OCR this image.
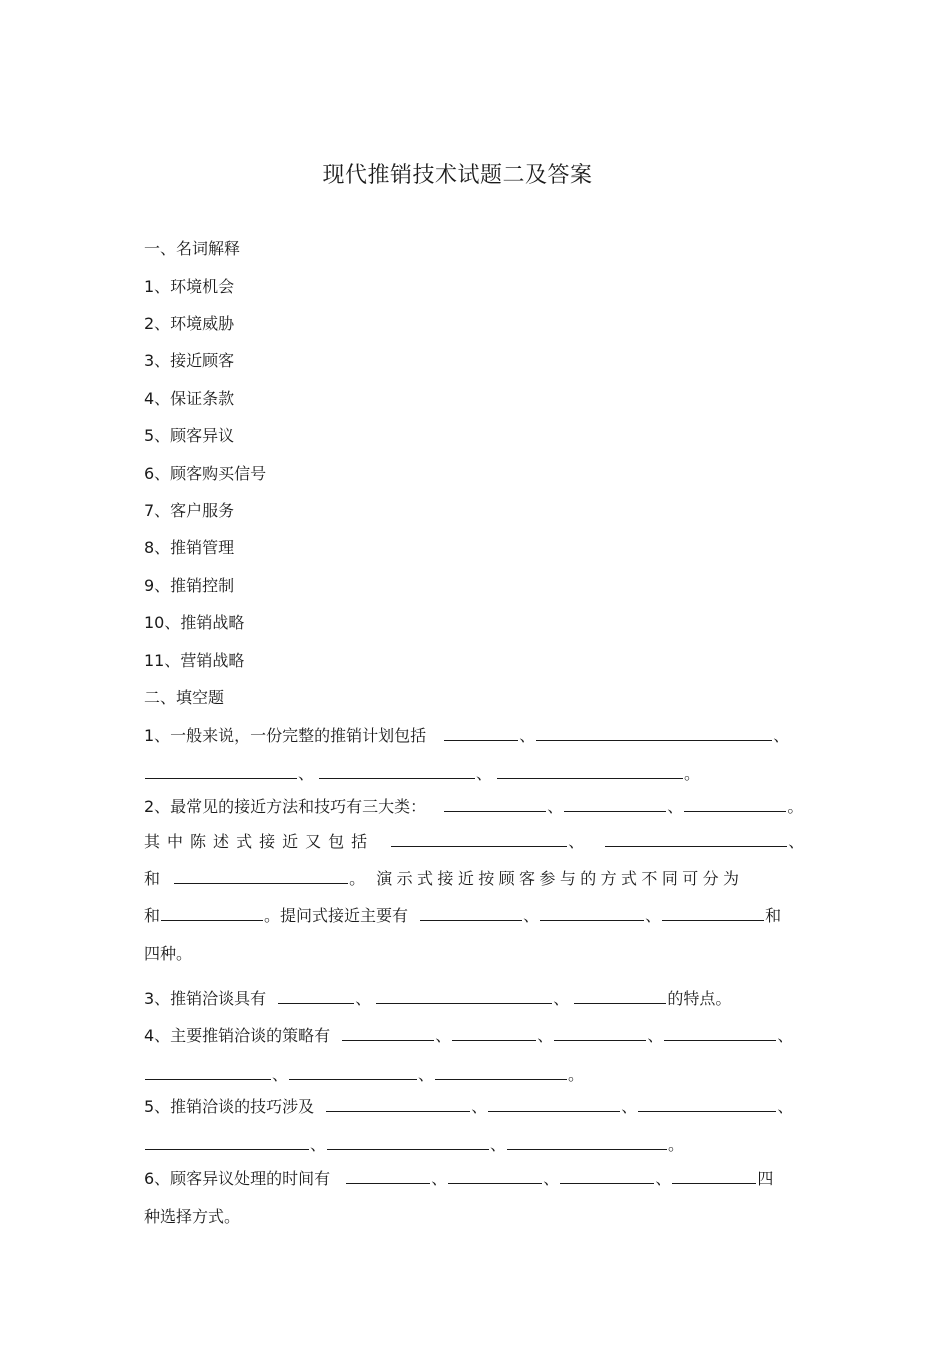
现代推销技术试题二及答案
一、名词解释
1、环境机会
2、环境威胁
3、接近顾客
4、保证条款
5、顾客异议
6、顾客购买信号
7、客户服务
8、推销管理
9、推销控制
10、推销战略
11、营销战略
二、填空题
1、一般来说，一份完整的推销计划包括	、	、
、	、	。
2、最常见的接近方法和技巧有三大类：	、	、	。
其中陈述式接近又包括	、	、
和	。 演示式接近按顾客参与的方式不同可分为
和	。提问式接近主要有	、	、	和
四种。
3、推销洽谈具有	、	、	的特点。
4、主要推销洽谈的策略有	、	、	、	、
、	、	。
5、推销洽谈的技巧涉及	、	、	、
、	、	。
6、顾客异议处理的时间有	、	、	、	四
种选择方式。
